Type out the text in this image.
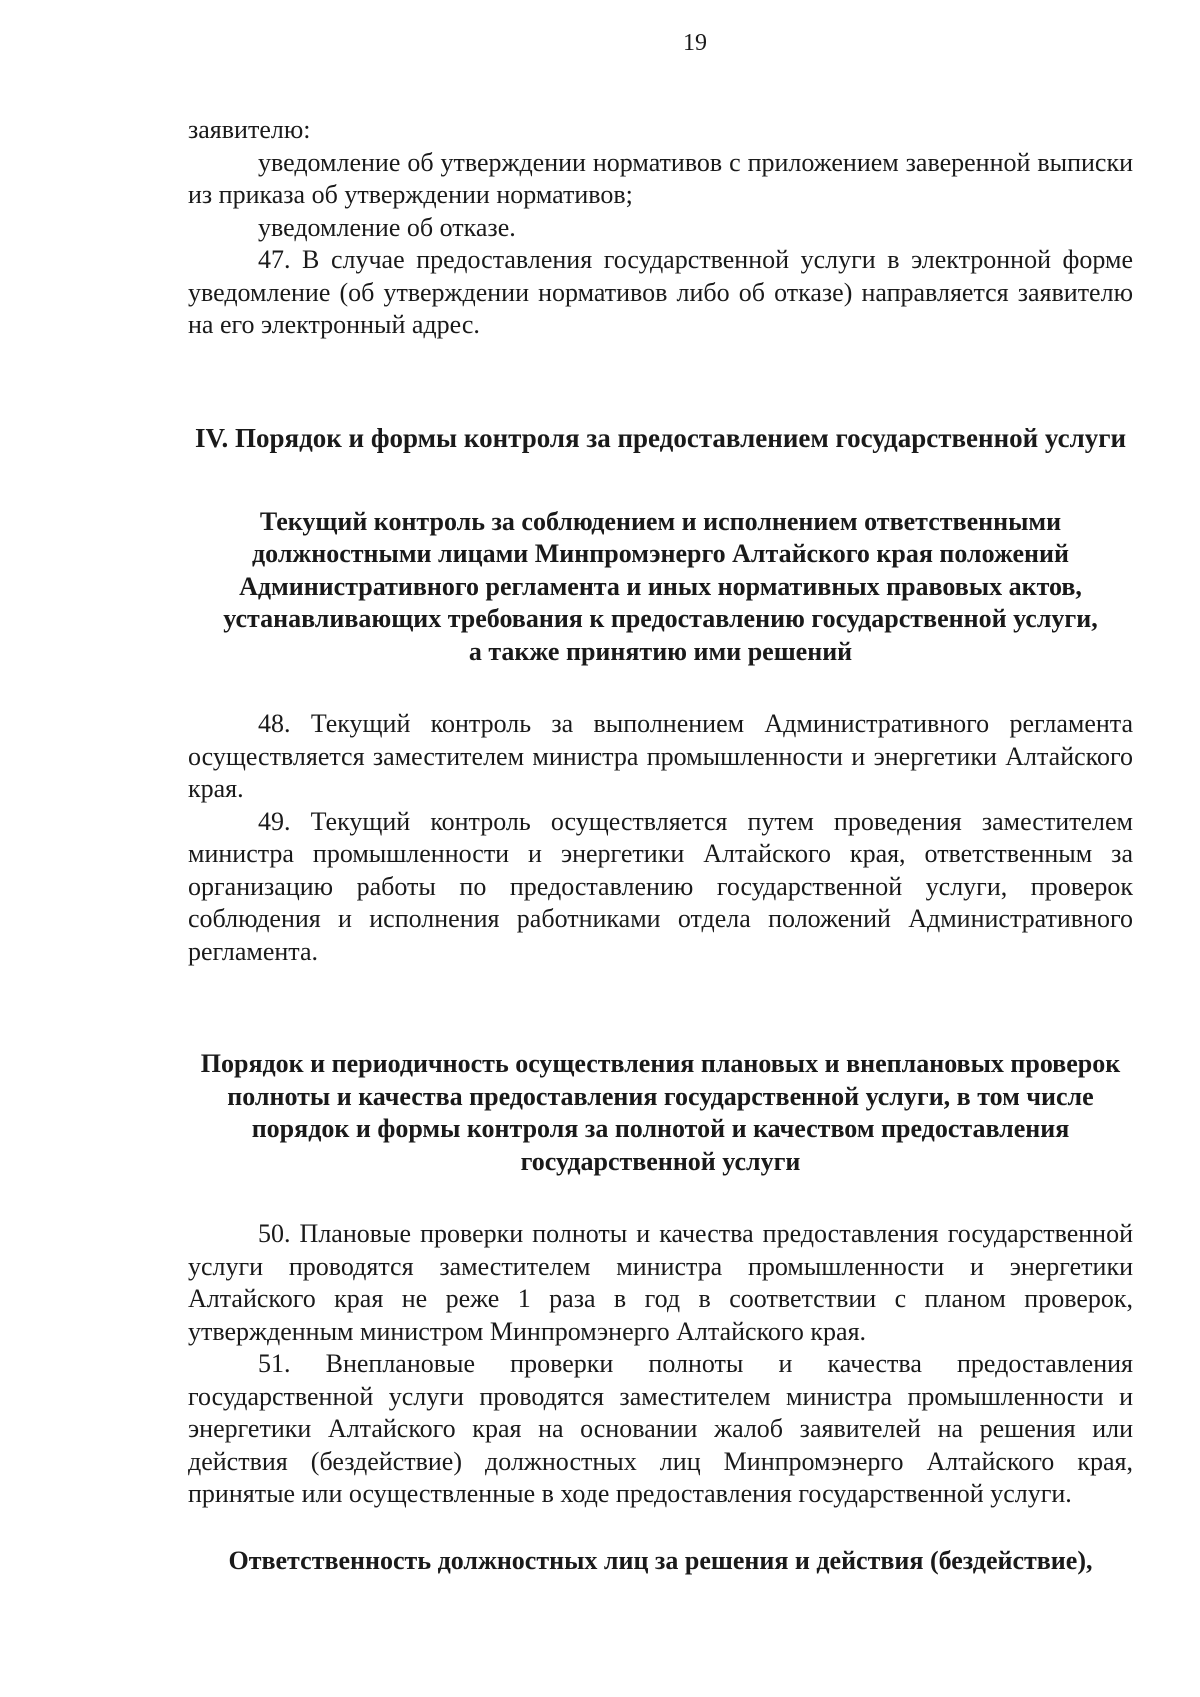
19

заявителю:

уведомление об утверждении нормативов с приложением заверенной выписки из приказа об утверждении нормативов;

уведомление об отказе.

47. В случае предоставления государственной услуги в электронной форме уведомление (об утверждении нормативов либо об отказе) направляется заявителю на его электронный адрес.

IV. Порядок и формы контроля за предоставлением государственной услуги
Текущий контроль за соблюдением и исполнением ответственными
должностными лицами Минпромэнерго Алтайского края положений
Административного регламента и иных нормативных правовых актов,
устанавливающих требования к предоставлению государственной услуги,
а также принятию ими решений

48. Текущий контроль за выполнением Административного регламента осуществляется заместителем министра промышленности и энергетики Алтайского края.

49. Текущий контроль осуществляется путем проведения заместителем министра промышленности и энергетики Алтайского края, ответственным за организацию работы по предоставлению государственной услуги, проверок соблюдения и исполнения работниками отдела положений Административного регламента.

Порядок и периодичность осуществления плановых и внеплановых проверок
полноты и качества предоставления государственной услуги, в том числе
порядок и формы контроля за полнотой и качеством предоставления
государственной услуги

50. Плановые проверки полноты и качества предоставления государственной услуги проводятся заместителем министра промышленности и энергетики Алтайского края не реже 1 раза в год в соответствии с планом проверок, утвержденным министром Минпромэнерго Алтайского края.

51. Внеплановые проверки полноты и качества предоставления государственной услуги проводятся заместителем министра промышленности и энергетики Алтайского края на основании жалоб заявителей на решения или действия (бездействие) должностных лиц Минпромэнерго Алтайского края, принятые или осуществленные в ходе предоставления государственной услуги.

Ответственность должностных лиц за решения и действия (бездействие),
